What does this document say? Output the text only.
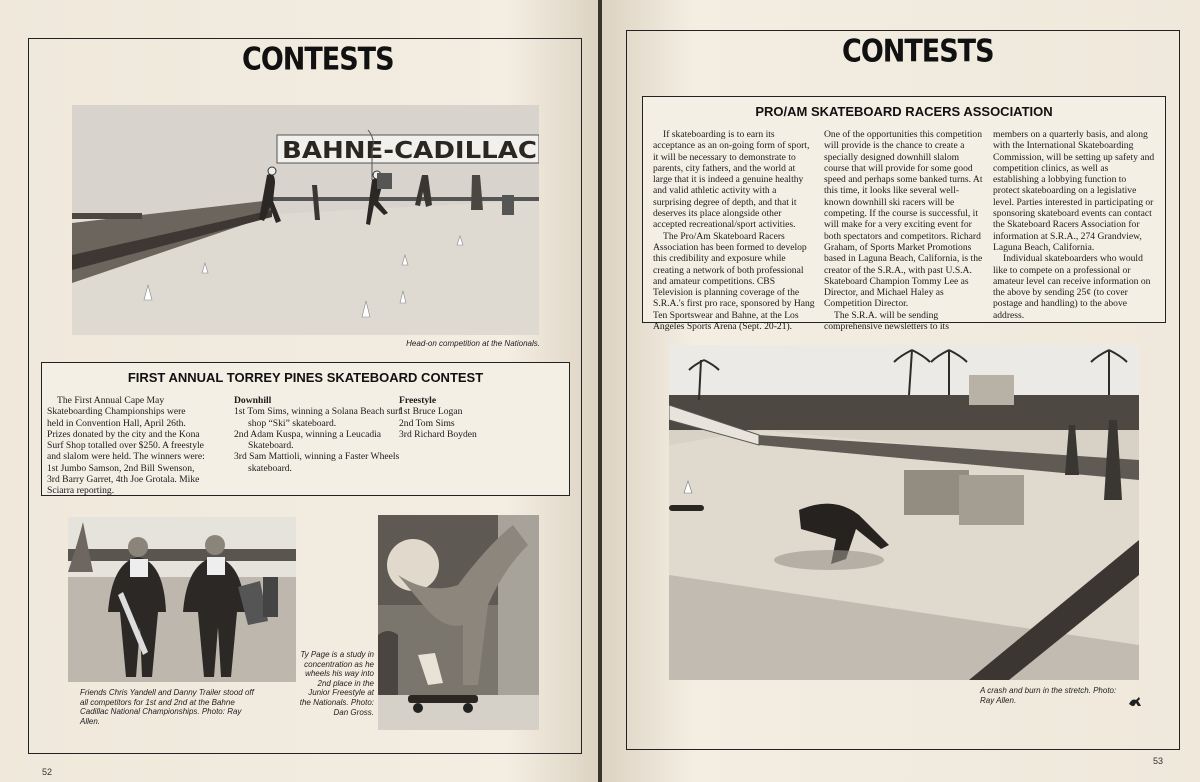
CONTESTS
BAHNE-CADILLAC
Head-on competition at the Nationals.
FIRST ANNUAL TORREY PINES SKATEBOARD CONTEST
The First Annual Cape May
Skateboarding Championships were
held in Convention Hall, April 26th.
Prizes donated by the city and the Kona
Surf Shop totalled over $250. A freestyle
and slalom were held. The winners were:
1st Jumbo Samson, 2nd Bill Swenson,
3rd Barry Garret, 4th Joe Grotala. Mike
Sciarra reporting.

Downhill

1st Tom Sims, winning a Solana Beach surf shop “Ski” skateboard.

2nd Adam Kuspa, winning a Leucadia Skateboard.

3rd Sam Mattioli, winning a Faster Wheels skateboard.

Freestyle

1st Bruce Logan

2nd Tom Sims

3rd Richard Boyden

Friends Chris Yandell and Danny Trailer stood off all competitors for 1st and 2nd at the Bahne Cadillac National Championships. Photo: Ray Allen.
Ty Page is a study in concentration as he wheels his way into 2nd place in the Junior Freestyle at the Nationals. Photo: Dan Gross.
52
CONTESTS
PRO/AM SKATEBOARD RACERS ASSOCIATION

If skateboarding is to earn its acceptance as an on-going form of sport, it will be necessary to demonstrate to parents, city fathers, and the world at large that it is indeed a genuine healthy and valid athletic activity with a surprising degree of depth, and that it deserves its place alongside other accepted recreational/sport activities.

The Pro/Am Skateboard Racers Association has been formed to develop this credibility and exposure while creating a network of both professional and amateur competitions. CBS Television is planning coverage of the S.R.A.'s first pro race, sponsored by Hang Ten Sportswear and Bahne, at the Los Angeles Sports Arena (Sept. 20-21).

One of the opportunities this competition will provide is the chance to create a specially designed downhill slalom course that will provide for some good speed and perhaps some banked turns. At this time, it looks like several well-known downhill ski racers will be competing. If the course is successful, it will make for a very exciting event for both spectators and competitors. Richard Graham, of Sports Market Promotions based in Laguna Beach, California, is the creator of the S.R.A., with past U.S.A. Skateboard Champion Tommy Lee as Director, and Michael Haley as Competition Director.

The S.R.A. will be sending comprehensive newsletters to its

members on a quarterly basis, and along with the International Skateboarding Commission, will be setting up safety and competition clinics, as well as establishing a lobbying function to protect skateboarding on a legislative level. Parties interested in participating or sponsoring skateboard events can contact the Skateboard Racers Association for information at S.R.A., 274 Grandview, Laguna Beach, California.

Individual skateboarders who would like to compete on a professional or amateur level can receive information on the above by sending 25¢ (to cover postage and handling) to the above address.

A crash and burn in the stretch. Photo: Ray Allen.
53
